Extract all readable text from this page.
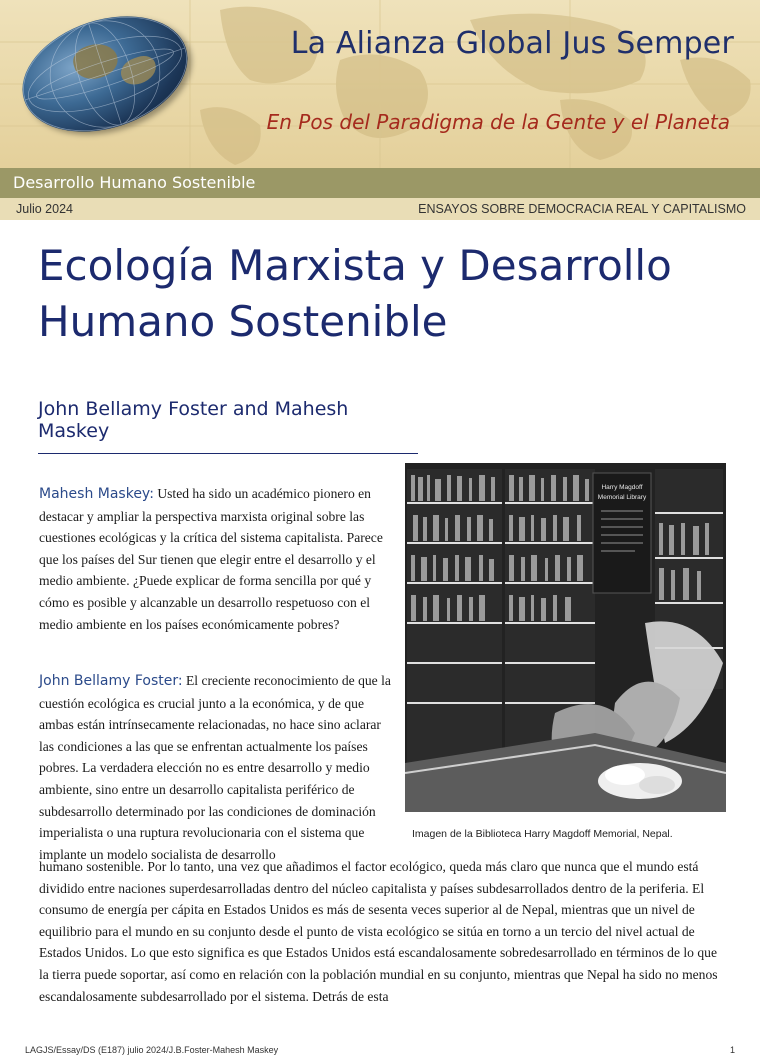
La Alianza Global Jus Semper
En Pos del Paradigma de la Gente y el Planeta
Desarrollo Humano Sostenible
Julio 2024	ENSAYOS SOBRE DEMOCRACIA REAL Y CAPITALISMO
Ecología Marxista y Desarrollo
Humano Sostenible
John Bellamy Foster and Mahesh Maskey
Harry Magdoff
Memorial Library
Imagen de la Biblioteca Harry Magdoff Memorial, Nepal.
Mahesh Maskey: Usted ha sido un académico pionero en destacar y ampliar la perspectiva marxista original sobre las cuestiones ecológicas y la crítica del sistema capitalista. Parece que los países del Sur tienen que elegir entre el desarrollo y el medio ambiente. ¿Puede explicar de forma sencilla por qué y cómo es posible y alcanzable un desarrollo respetuoso con el medio ambiente en los países económicamente pobres?
John Bellamy Foster: El creciente reconocimiento de que la cuestión ecológica es crucial junto a la económica, y de que ambas están intrínsecamente relacionadas, no hace sino aclarar las condiciones a las que se enfrentan actualmente los países pobres. La verdadera elección no es entre desarrollo y medio ambiente, sino entre un desarrollo capitalista periférico de subdesarrollo determinado por las condiciones de dominación imperialista o una ruptura revolucionaria con el sistema que implante un modelo socialista de desarrollo
humano sostenible. Por lo tanto, una vez que añadimos el factor ecológico, queda más claro que nunca que el mundo está dividido entre naciones superdesarrolladas dentro del núcleo capitalista y países subdesarrollados dentro de la periferia. El consumo de energía per cápita en Estados Unidos es más de sesenta veces superior al de Nepal, mientras que un nivel de equilibrio para el mundo en su conjunto desde el punto de vista ecológico se sitúa en torno a un tercio del nivel actual de Estados Unidos. Lo que esto significa es que Estados Unidos está escandalosamente sobredesarrollado en términos de lo que la tierra puede soportar, así como en relación con la población mundial en su conjunto, mientras que Nepal ha sido no menos escandalosamente subdesarrollado por el sistema. Detrás de esta
LAGJS/Essay/DS (E187) julio 2024/J.B.Foster-Mahesh Maskey	1
